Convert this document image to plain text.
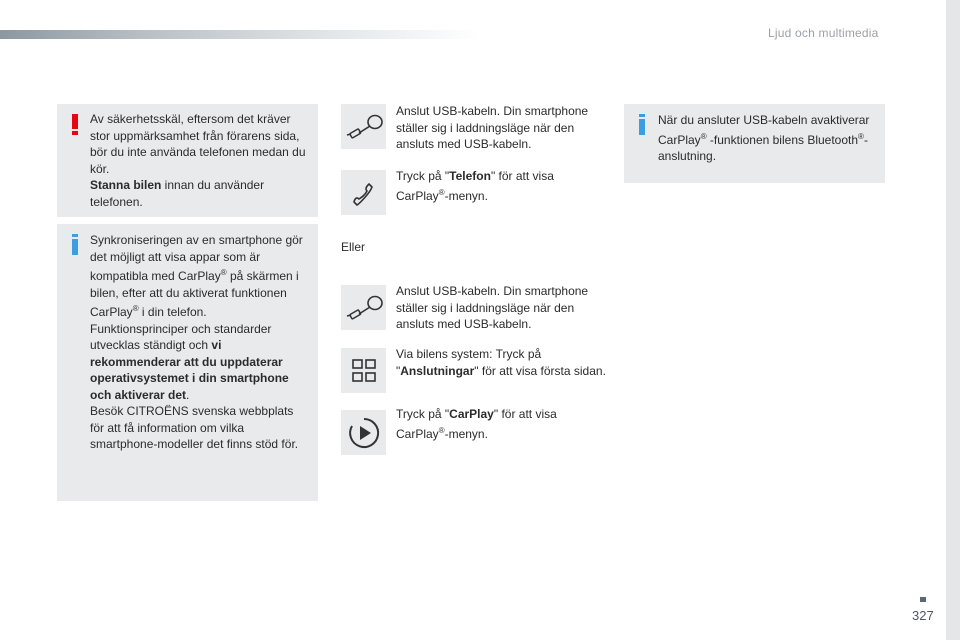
Ljud och multimedia

Av säkerhetsskäl, eftersom det kräver stor uppmärksamhet från förarens sida, bör du inte använda telefonen medan du kör.
Stanna bilen innan du använder telefonen.

Synkroniseringen av en smartphone gör det möjligt att visa appar som är kompatibla med CarPlay® på skärmen i bilen, efter att du aktiverat funktionen CarPlay® i din telefon.

Funktionsprinciper och standarder utvecklas ständigt och vi rekommenderar att du uppdaterar operativsystemet i din smartphone och aktiverar det.

Besök CITROËNS svenska webbplats för att få information om vilka smartphone-modeller det finns stöd för.

Anslut USB-kabeln. Din smartphone ställer sig i laddningsläge när den ansluts med USB-kabeln.
Tryck på "Telefon" för att visa CarPlay®-menyn.
Eller
Anslut USB-kabeln. Din smartphone ställer sig i laddningsläge när den ansluts med USB-kabeln.
Via bilens system: Tryck på "Anslutningar" för att visa första sidan.
Tryck på "CarPlay" för att visa CarPlay®-menyn.

När du ansluter USB-kabeln avaktiverar CarPlay® -funktionen bilens Bluetooth®-anslutning.

327
